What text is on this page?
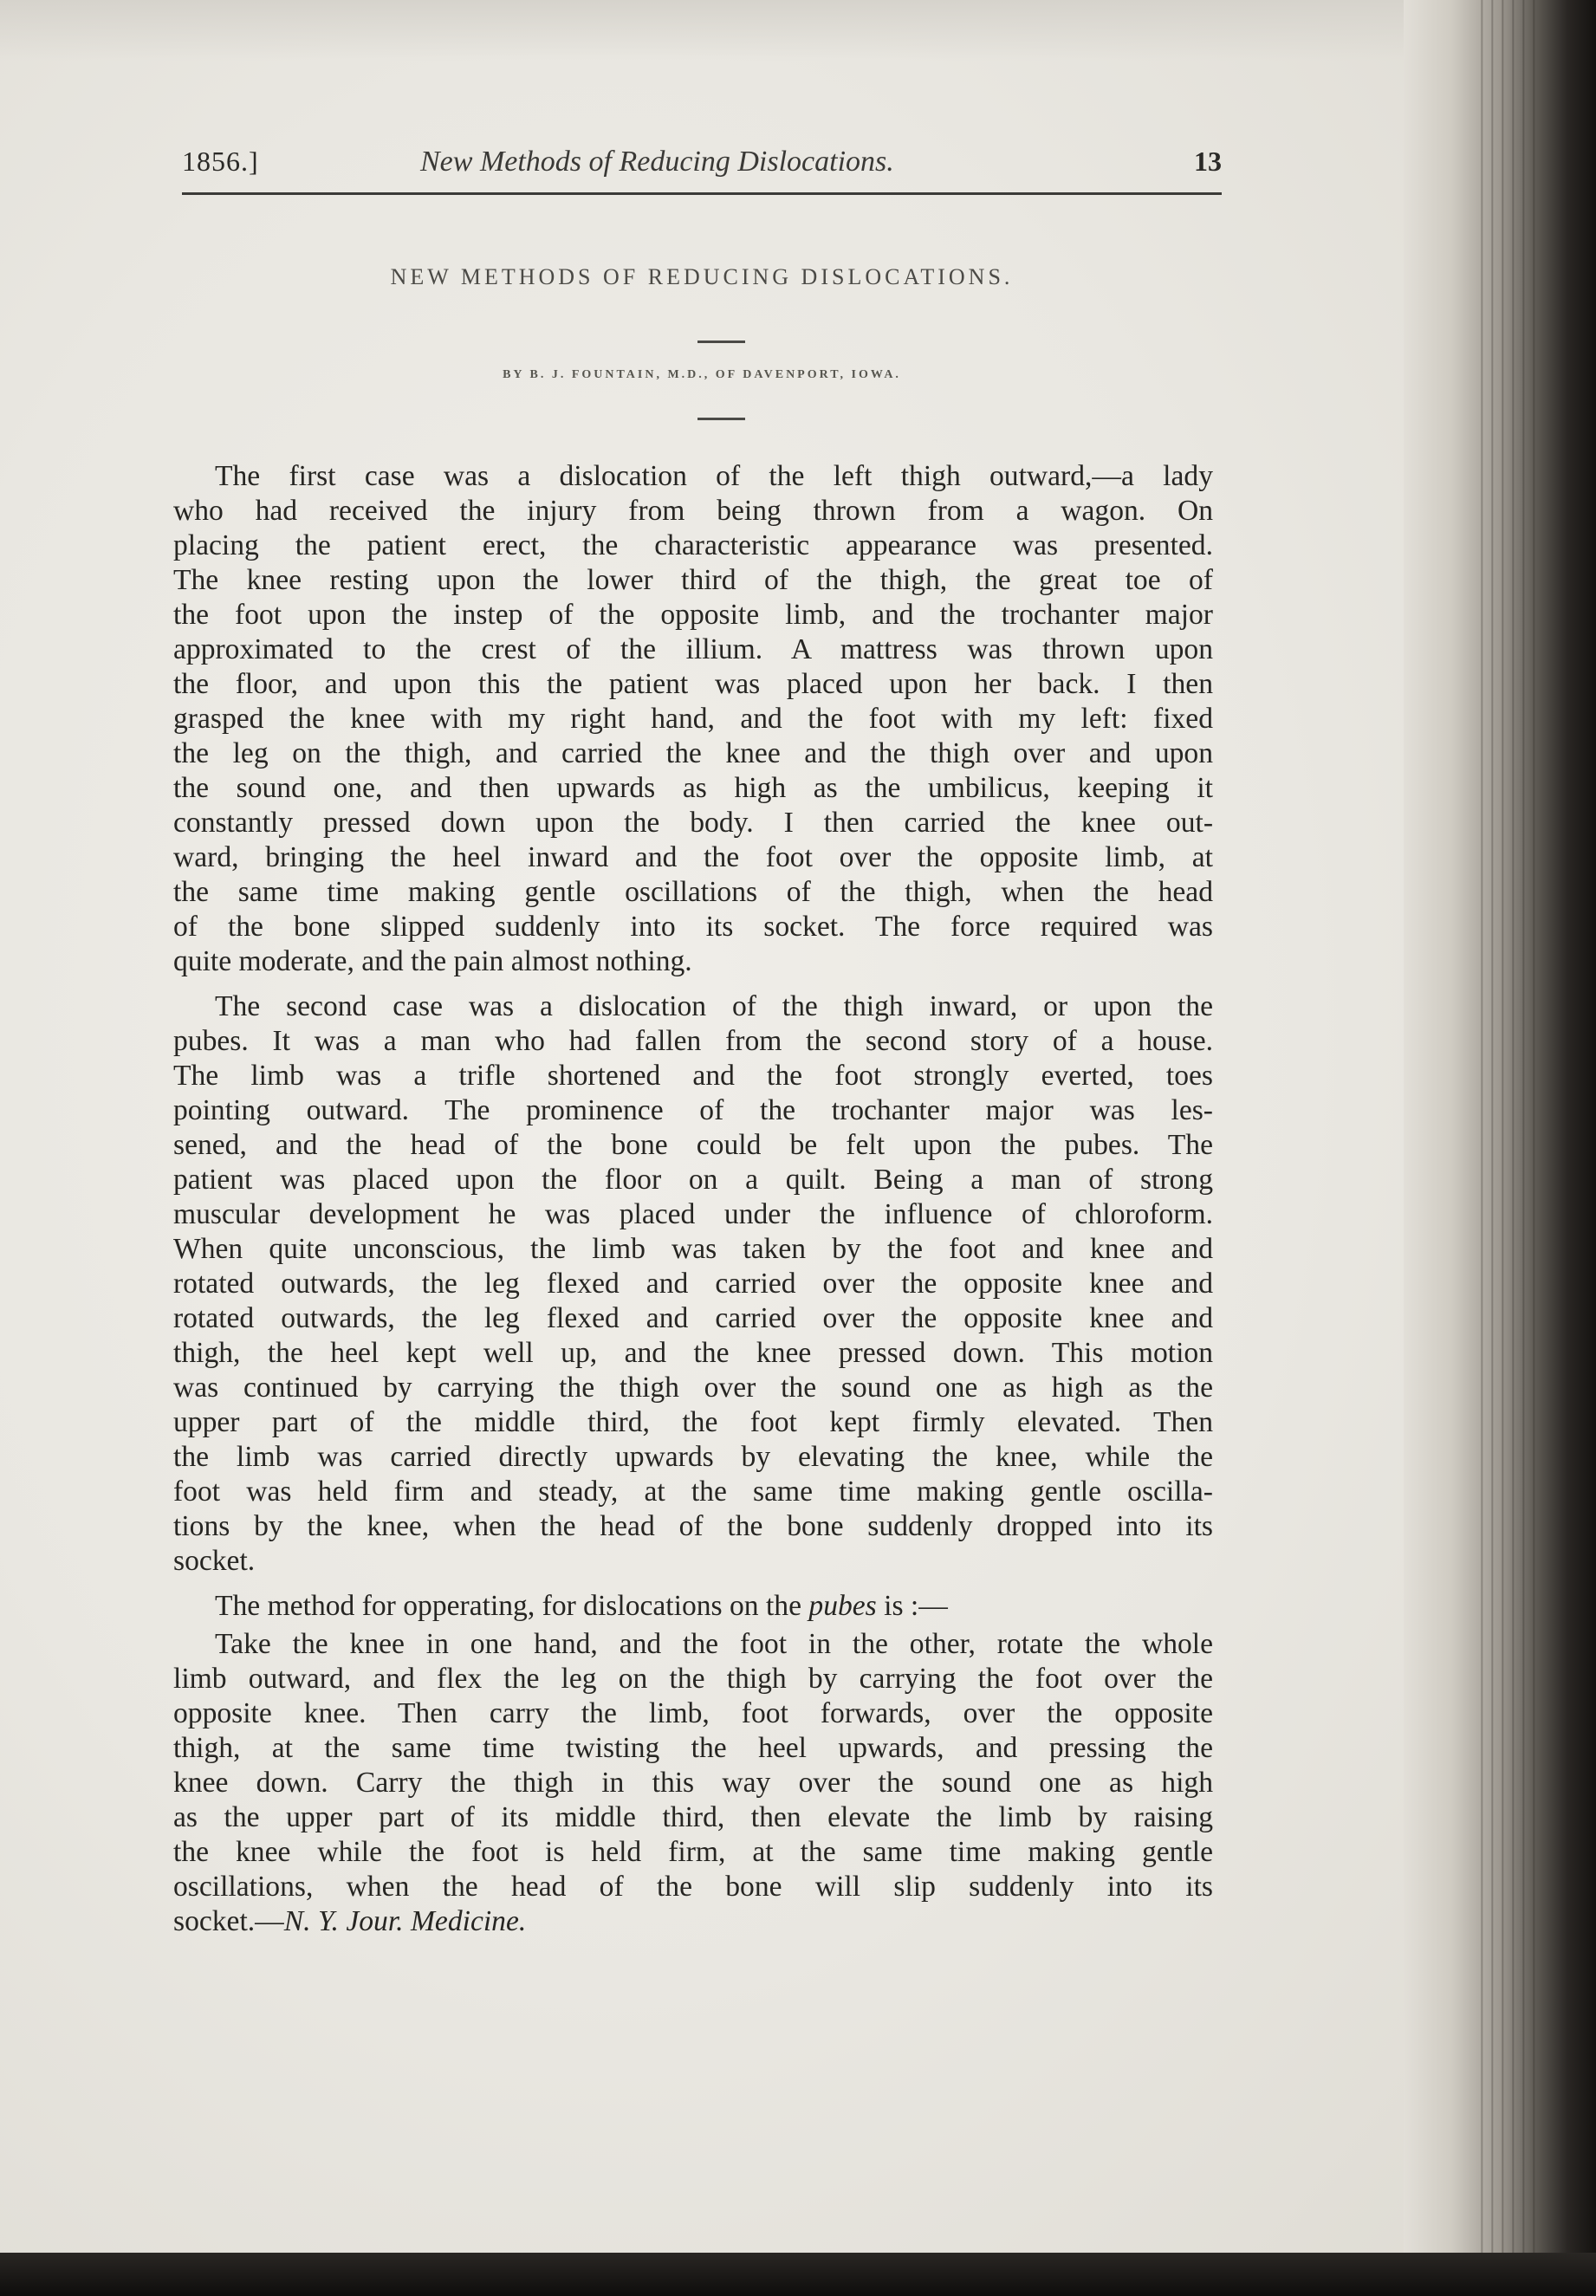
1856.]	New Methods of Reducing Dislocations.	13
NEW METHODS OF REDUCING DISLOCATIONS.
BY B. J. FOUNTAIN, M.D., OF DAVENPORT, IOWA.
The first case was a dislocation of the left thigh outward,—a lady
who had received the injury from being thrown from a wagon. On
placing the patient erect, the characteristic appearance was presented.
The knee resting upon the lower third of the thigh, the great toe of
the foot upon the instep of the opposite limb, and the trochanter major
approximated to the crest of the illium. A mattress was thrown upon
the floor, and upon this the patient was placed upon her back. I then
grasped the knee with my right hand, and the foot with my left: fixed
the leg on the thigh, and carried the knee and the thigh over and upon
the sound one, and then upwards as high as the umbilicus, keeping it
constantly pressed down upon the body. I then carried the knee out-
ward, bringing the heel inward and the foot over the opposite limb, at
the same time making gentle oscillations of the thigh, when the head
of the bone slipped suddenly into its socket. The force required was
quite moderate, and the pain almost nothing.
The second case was a dislocation of the thigh inward, or upon the
pubes. It was a man who had fallen from the second story of a house.
The limb was a trifle shortened and the foot strongly everted, toes
pointing outward. The prominence of the trochanter major was les-
sened, and the head of the bone could be felt upon the pubes. The
patient was placed upon the floor on a quilt. Being a man of strong
muscular development he was placed under the influence of chloroform.
When quite unconscious, the limb was taken by the foot and knee and
rotated outwards, the leg flexed and carried over the opposite knee and
rotated outwards, the leg flexed and carried over the opposite knee and
thigh, the heel kept well up, and the knee pressed down. This motion
was continued by carrying the thigh over the sound one as high as the
upper part of the middle third, the foot kept firmly elevated. Then
the limb was carried directly upwards by elevating the knee, while the
foot was held firm and steady, at the same time making gentle oscilla-
tions by the knee, when the head of the bone suddenly dropped into its
socket.
The method for opperating, for dislocations on the pubes is :—
Take the knee in one hand, and the foot in the other, rotate the whole
limb outward, and flex the leg on the thigh by carrying the foot over the
opposite knee. Then carry the limb, foot forwards, over the opposite
thigh, at the same time twisting the heel upwards, and pressing the
knee down. Carry the thigh in this way over the sound one as high
as the upper part of its middle third, then elevate the limb by raising
the knee while the foot is held firm, at the same time making gentle
oscillations, when the head of the bone will slip suddenly into its
socket.—N. Y. Jour. Medicine.
